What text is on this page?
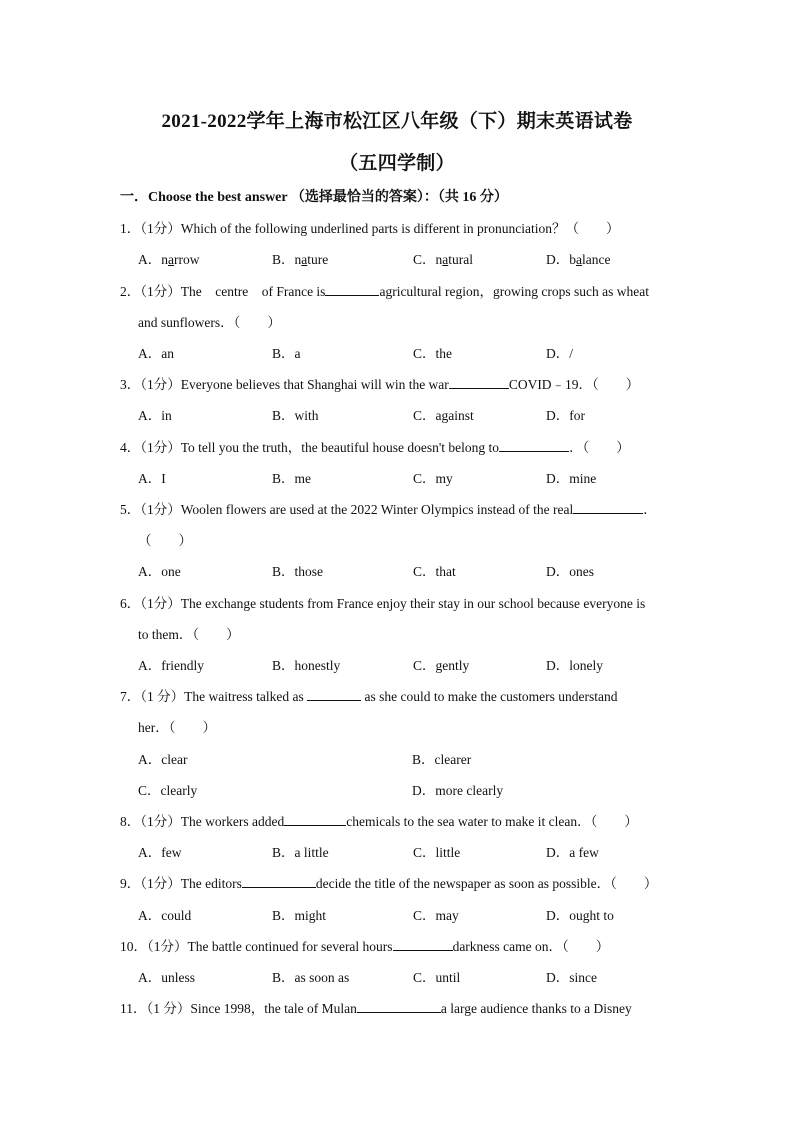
2021-2022学年上海市松江区八年级（下）期末英语试卷
（五四学制）
一．Choose the best answer （选择最恰当的答案）：（共 16 分）
1．（1分）Which of the following underlined parts is different in pronunciation？（　　）
A．narrow	B．nature	C．natural	D．balance
2．（1分）The　centre　of France is	agricultural region，growing crops such as wheat
and sunflowers．（　　）
A．an	B．a	C．the	D．/
3．（1分）Everyone believes that Shanghai will win the war	COVID﹣19．（　　）
A．in	B．with	C．against	D．for
4．（1分）To tell you the truth，the beautiful house doesn't belong to	．（　　）
A．I	B．me	C．my	D．mine
5．（1分）Woolen flowers are used at the 2022 Winter Olympics instead of the real	．
（　　）
A．one	B．those	C．that	D．ones
6．（1分）The exchange students from France enjoy their stay in our school because everyone is
to them．（　　）
A．friendly	B．honestly	C．gently	D．lonely
7．（1 分）The waitress talked as	as she could to make the customers understand
her．（　　）
A．clear	B．clearer
C．clearly	D．more clearly
8．（1分）The workers added	chemicals to the sea water to make it clean．（　　）
A．few	B．a little	C．little	D．a few
9．（1分）The editors	decide the title of the newspaper as soon as possible．（　　）
A．could	B．might	C．may	D．ought to
10．（1分）The battle continued for several hours	darkness came on．（　　）
A．unless	B．as soon as	C．until	D．since
11．（1 分）Since 1998，the tale of Mulan	a large audience thanks to a Disney
